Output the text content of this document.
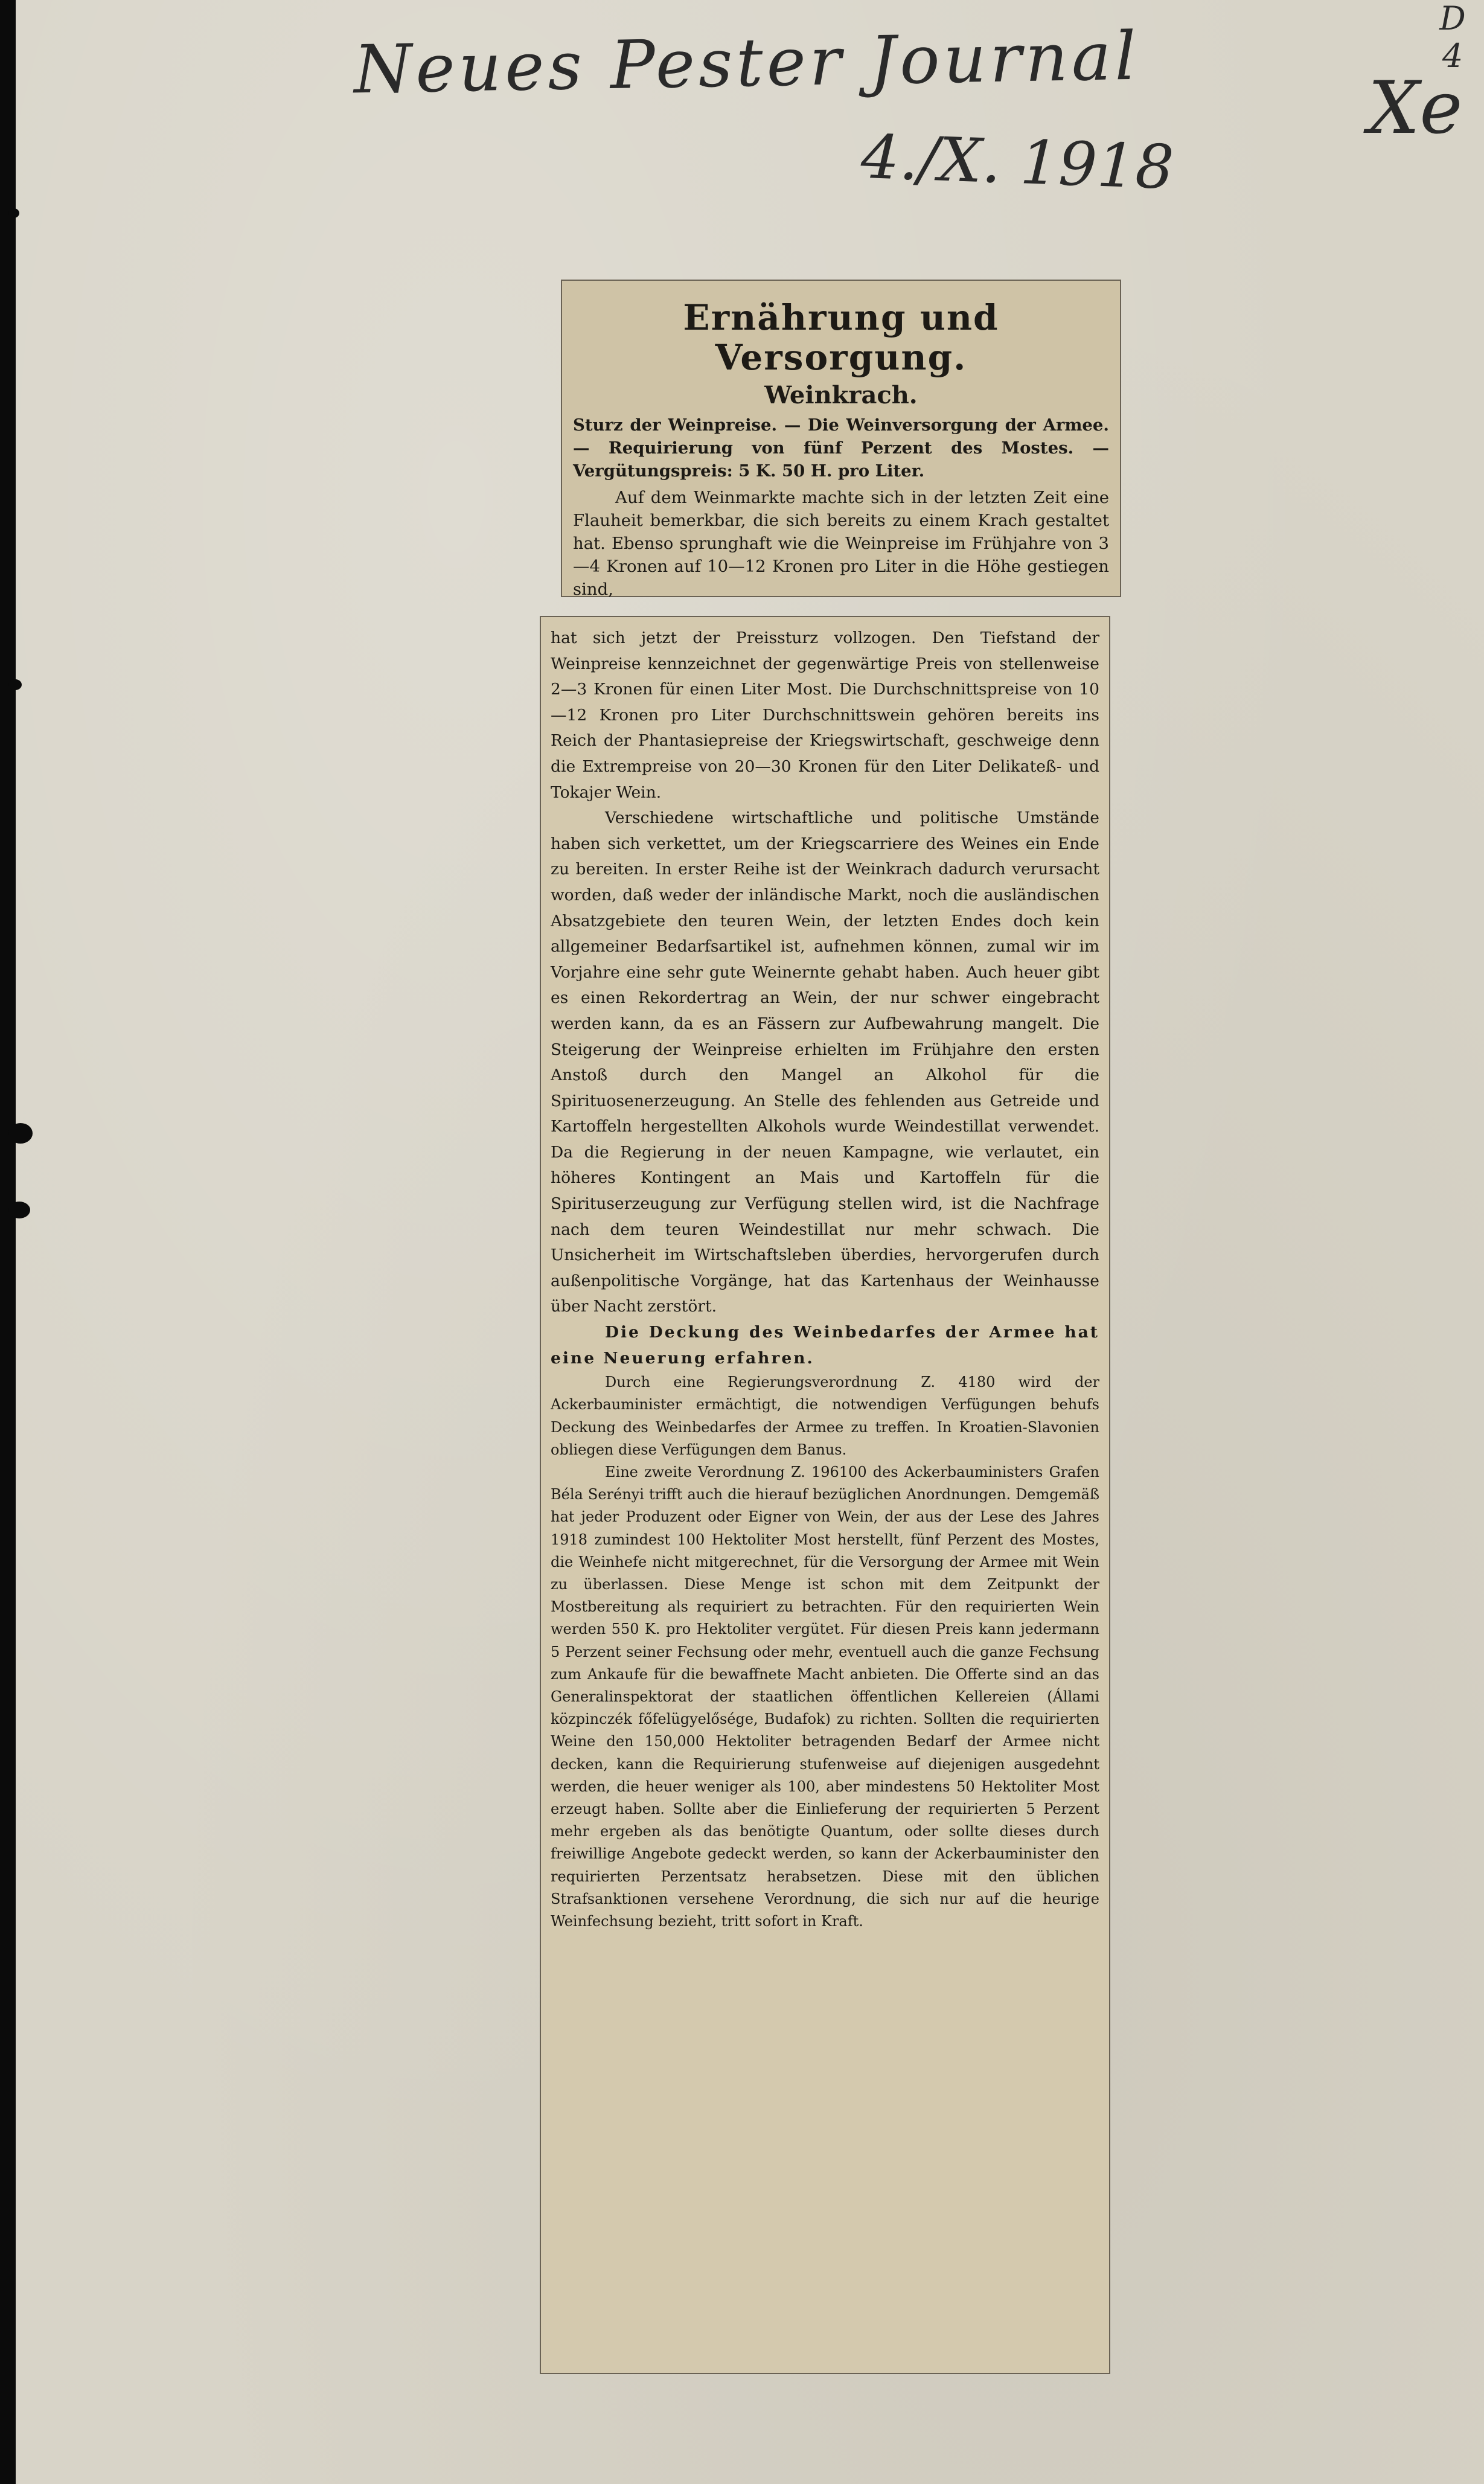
Neues Pester Journal
4./X. 1918
Xe
D
4

Ernährung und Versorgung.

Weinkrach.

Sturz der Weinpreise. — Die Weinversorgung der Armee. — Requirierung von fünf Perzent des Mostes. — Vergütungspreis: 5 K. 50 H. pro Liter.

Auf dem Weinmarkte machte sich in der letzten Zeit eine Flauheit bemerkbar, die sich bereits zu einem Krach gestaltet hat. Ebenso sprunghaft wie die Weinpreise im Frühjahre von 3—4 Kronen auf 10—12 Kronen pro Liter in die Höhe gestiegen sind,

hat sich jetzt der Preissturz vollzogen. Den Tiefstand der Weinpreise kennzeichnet der gegenwärtige Preis von stellenweise 2—3 Kronen für einen Liter Most. Die Durchschnittspreise von 10—12 Kronen pro Liter Durchschnittswein gehören bereits ins Reich der Phantasiepreise der Kriegswirtschaft, geschweige denn die Extrempreise von 20—30 Kronen für den Liter Delikateß- und Tokajer Wein.

Verschiedene wirtschaftliche und politische Umstände haben sich verkettet, um der Kriegscarriere des Weines ein Ende zu bereiten. In erster Reihe ist der Weinkrach dadurch verursacht worden, daß weder der inländische Markt, noch die ausländischen Absatzgebiete den teuren Wein, der letzten Endes doch kein allgemeiner Bedarfsartikel ist, aufnehmen können, zumal wir im Vorjahre eine sehr gute Weinernte gehabt haben. Auch heuer gibt es einen Rekordertrag an Wein, der nur schwer eingebracht werden kann, da es an Fässern zur Aufbewahrung mangelt. Die Steigerung der Weinpreise erhielten im Frühjahre den ersten Anstoß durch den Mangel an Alkohol für die Spirituosenerzeugung. An Stelle des fehlenden aus Getreide und Kartoffeln hergestellten Alkohols wurde Weindestillat verwendet. Da die Regierung in der neuen Kampagne, wie verlautet, ein höheres Kontingent an Mais und Kartoffeln für die Spirituserzeugung zur Verfügung stellen wird, ist die Nachfrage nach dem teuren Weindestillat nur mehr schwach. Die Unsicherheit im Wirtschaftsleben überdies, hervorgerufen durch außenpolitische Vorgänge, hat das Kartenhaus der Weinhausse über Nacht zerstört.

Die Deckung des Weinbedarfes der Armee hat eine Neuerung erfahren.

Durch eine Regierungsverordnung Z. 4180 wird der Ackerbauminister ermächtigt, die notwendigen Verfügungen behufs Deckung des Weinbedarfes der Armee zu treffen. In Kroatien-Slavonien obliegen diese Verfügungen dem Banus.

Eine zweite Verordnung Z. 196100 des Ackerbauministers Grafen Béla Serényi trifft auch die hierauf bezüglichen Anordnungen. Demgemäß hat jeder Produzent oder Eigner von Wein, der aus der Lese des Jahres 1918 zumindest 100 Hektoliter Most herstellt, fünf Perzent des Mostes, die Weinhefe nicht mitgerechnet, für die Versorgung der Armee mit Wein zu überlassen. Diese Menge ist schon mit dem Zeitpunkt der Mostbereitung als requiriert zu betrachten. Für den requirierten Wein werden 550 K. pro Hektoliter vergütet. Für diesen Preis kann jedermann 5 Perzent seiner Fechsung oder mehr, eventuell auch die ganze Fechsung zum Ankaufe für die bewaffnete Macht anbieten. Die Offerte sind an das Generalinspektorat der staatlichen öffentlichen Kellereien (Állami közpinczék főfelügyelősége, Budafok) zu richten. Sollten die requirierten Weine den 150,000 Hektoliter betragenden Bedarf der Armee nicht decken, kann die Requirierung stufenweise auf diejenigen ausgedehnt werden, die heuer weniger als 100, aber mindestens 50 Hektoliter Most erzeugt haben. Sollte aber die Einlieferung der requirierten 5 Perzent mehr ergeben als das benötigte Quantum, oder sollte dieses durch freiwillige Angebote gedeckt werden, so kann der Ackerbauminister den requirierten Perzentsatz herabsetzen. Diese mit den üblichen Strafsanktionen versehene Verordnung, die sich nur auf die heurige Weinfechsung bezieht, tritt sofort in Kraft.
